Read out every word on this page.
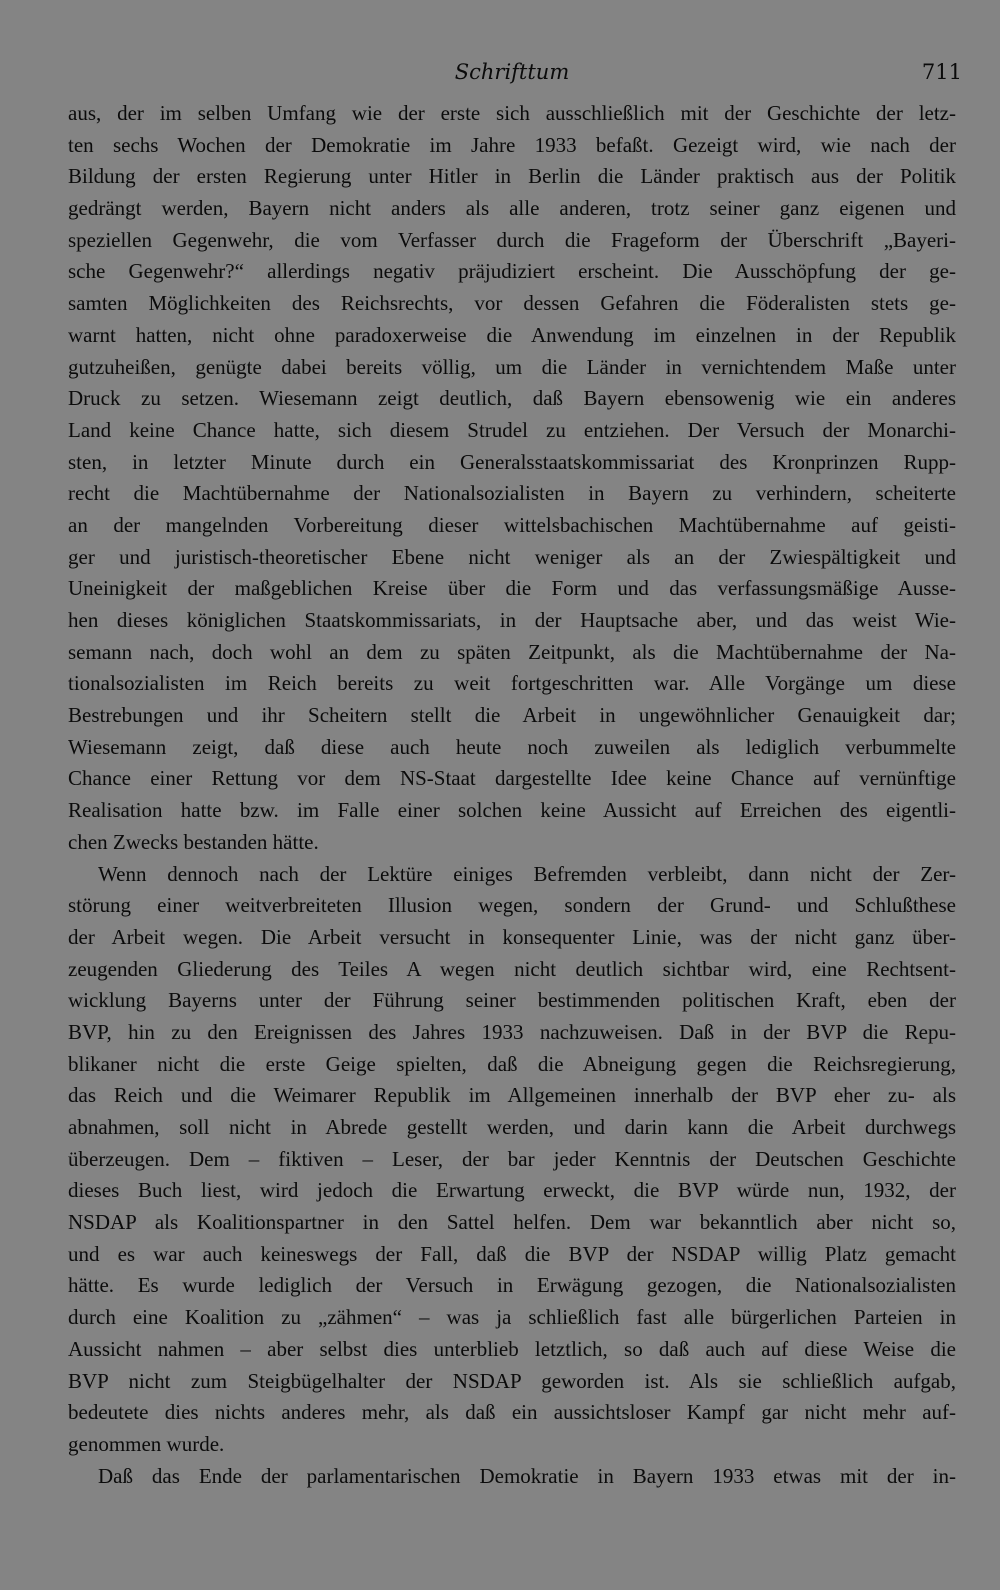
Schrifttum	711
aus, der im selben Umfang wie der erste sich ausschließlich mit der Geschichte der letz-
ten sechs Wochen der Demokratie im Jahre 1933 befaßt. Gezeigt wird, wie nach der
Bildung der ersten Regierung unter Hitler in Berlin die Länder praktisch aus der Politik
gedrängt werden, Bayern nicht anders als alle anderen, trotz seiner ganz eigenen und
speziellen Gegenwehr, die vom Verfasser durch die Frageform der Überschrift „Bayeri-
sche Gegenwehr?“ allerdings negativ präjudiziert erscheint. Die Ausschöpfung der ge-
samten Möglichkeiten des Reichsrechts, vor dessen Gefahren die Föderalisten stets ge-
warnt hatten, nicht ohne paradoxerweise die Anwendung im einzelnen in der Republik
gutzuheißen, genügte dabei bereits völlig, um die Länder in vernichtendem Maße unter
Druck zu setzen. Wiesemann zeigt deutlich, daß Bayern ebensowenig wie ein anderes
Land keine Chance hatte, sich diesem Strudel zu entziehen. Der Versuch der Monarchi-
sten, in letzter Minute durch ein Generalsstaatskommissariat des Kronprinzen Rupp-
recht die Machtübernahme der Nationalsozialisten in Bayern zu verhindern, scheiterte
an der mangelnden Vorbereitung dieser wittelsbachischen Machtübernahme auf geisti-
ger und juristisch-theoretischer Ebene nicht weniger als an der Zwiespältigkeit und
Uneinigkeit der maßgeblichen Kreise über die Form und das verfassungsmäßige Ausse-
hen dieses königlichen Staatskommissariats, in der Hauptsache aber, und das weist Wie-
semann nach, doch wohl an dem zu späten Zeitpunkt, als die Machtübernahme der Na-
tionalsozialisten im Reich bereits zu weit fortgeschritten war. Alle Vorgänge um diese
Bestrebungen und ihr Scheitern stellt die Arbeit in ungewöhnlicher Genauigkeit dar;
Wiesemann zeigt, daß diese auch heute noch zuweilen als lediglich verbummelte
Chance einer Rettung vor dem NS-Staat dargestellte Idee keine Chance auf vernünftige
Realisation hatte bzw. im Falle einer solchen keine Aussicht auf Erreichen des eigentli-
chen Zwecks bestanden hätte.
Wenn dennoch nach der Lektüre einiges Befremden verbleibt, dann nicht der Zer-
störung einer weitverbreiteten Illusion wegen, sondern der Grund- und Schlußthese
der Arbeit wegen. Die Arbeit versucht in konsequenter Linie, was der nicht ganz über-
zeugenden Gliederung des Teiles A wegen nicht deutlich sichtbar wird, eine Rechtsent-
wicklung Bayerns unter der Führung seiner bestimmenden politischen Kraft, eben der
BVP, hin zu den Ereignissen des Jahres 1933 nachzuweisen. Daß in der BVP die Repu-
blikaner nicht die erste Geige spielten, daß die Abneigung gegen die Reichsregierung,
das Reich und die Weimarer Republik im Allgemeinen innerhalb der BVP eher zu- als
abnahmen, soll nicht in Abrede gestellt werden, und darin kann die Arbeit durchwegs
überzeugen. Dem – fiktiven – Leser, der bar jeder Kenntnis der Deutschen Geschichte
dieses Buch liest, wird jedoch die Erwartung erweckt, die BVP würde nun, 1932, der
NSDAP als Koalitionspartner in den Sattel helfen. Dem war bekanntlich aber nicht so,
und es war auch keineswegs der Fall, daß die BVP der NSDAP willig Platz gemacht
hätte. Es wurde lediglich der Versuch in Erwägung gezogen, die Nationalsozialisten
durch eine Koalition zu „zähmen“ – was ja schließlich fast alle bürgerlichen Parteien in
Aussicht nahmen – aber selbst dies unterblieb letztlich, so daß auch auf diese Weise die
BVP nicht zum Steigbügelhalter der NSDAP geworden ist. Als sie schließlich aufgab,
bedeutete dies nichts anderes mehr, als daß ein aussichtsloser Kampf gar nicht mehr auf-
genommen wurde.
Daß das Ende der parlamentarischen Demokratie in Bayern 1933 etwas mit der in-
